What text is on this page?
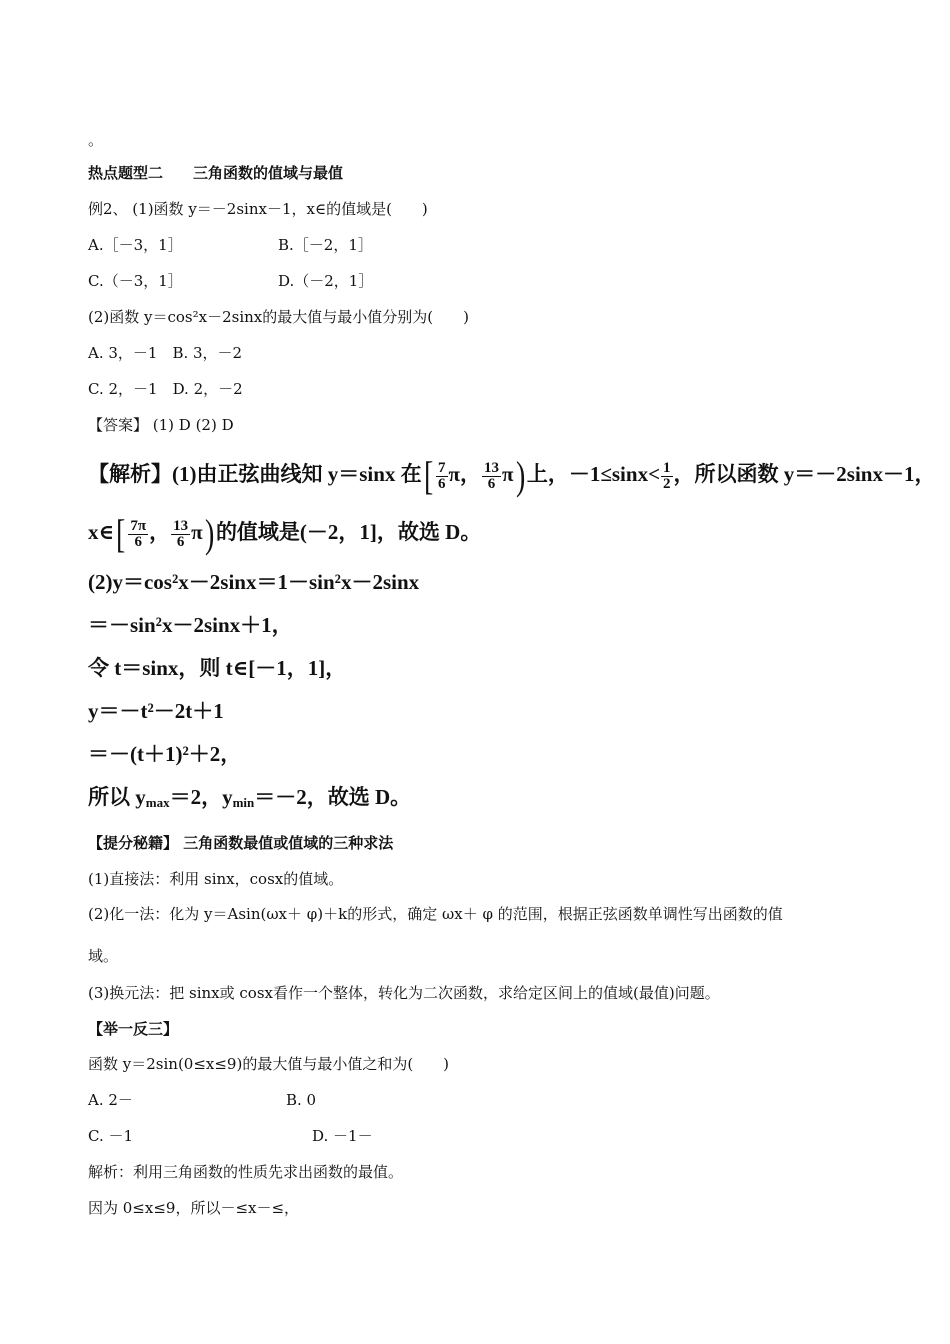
。
热点题型二　　三角函数的值域与最值
例2、 (1)函数 y＝－2sinx－1，x∈的值域是(　　)
A.［－3，1］	B.［－2，1］
C.（－3，1］	D.（－2，1］
(2)函数 y＝cos²x－2sinx的最大值与最小值分别为(　　)
A. 3，－1　B. 3，－2
C. 2，－1　D. 2，－2
【答案】 (1) D (2) D
【解析】(1)由正弦曲线知 y＝sinx 在[ $\frac{7}{6}$ π， $\frac{13}{6} \pi$)上，$-1\le\sin x< \frac{1}{2}$ ，所以函数 y＝－2sinx－1，
x∈[ $\frac{7\pi}{6}$ ， $\frac{13}{6} \pi$)的值域是(－2，1]，故选 D。
(2)y＝cos²x－2sinx＝1－sin²x－2sinx
＝－sin²x－2sinx＋1，
令 t＝sinx，则 t∈[－1，1]，
y＝－t²－2t＋1
＝－(t＋1)²＋2，
所以 $y_{max}=2$，$y_{min}=-2$，故选 D。
【提分秘籍】 三角函数最值或值域的三种求法
(1)直接法：利用 sinx，cosx的值域。
(2)化一法：化为 y＝Asin(ωx＋ φ)＋k的形式，确定 ωx＋ φ 的范围，根据正弦函数单调性写出函数的值
域。
(3)换元法：把 sinx或 cosx看作一个整体，转化为二次函数，求给定区间上的值域(最值)问题。
【举一反三】
函数 y＝2sin(0≤x≤9)的最大值与最小值之和为(　　)
A. 2－	B. 0
C. －1	D. －1－
解析：利用三角函数的性质先求出函数的最值。
因为 0≤x≤9，所以－≤x－≤，
